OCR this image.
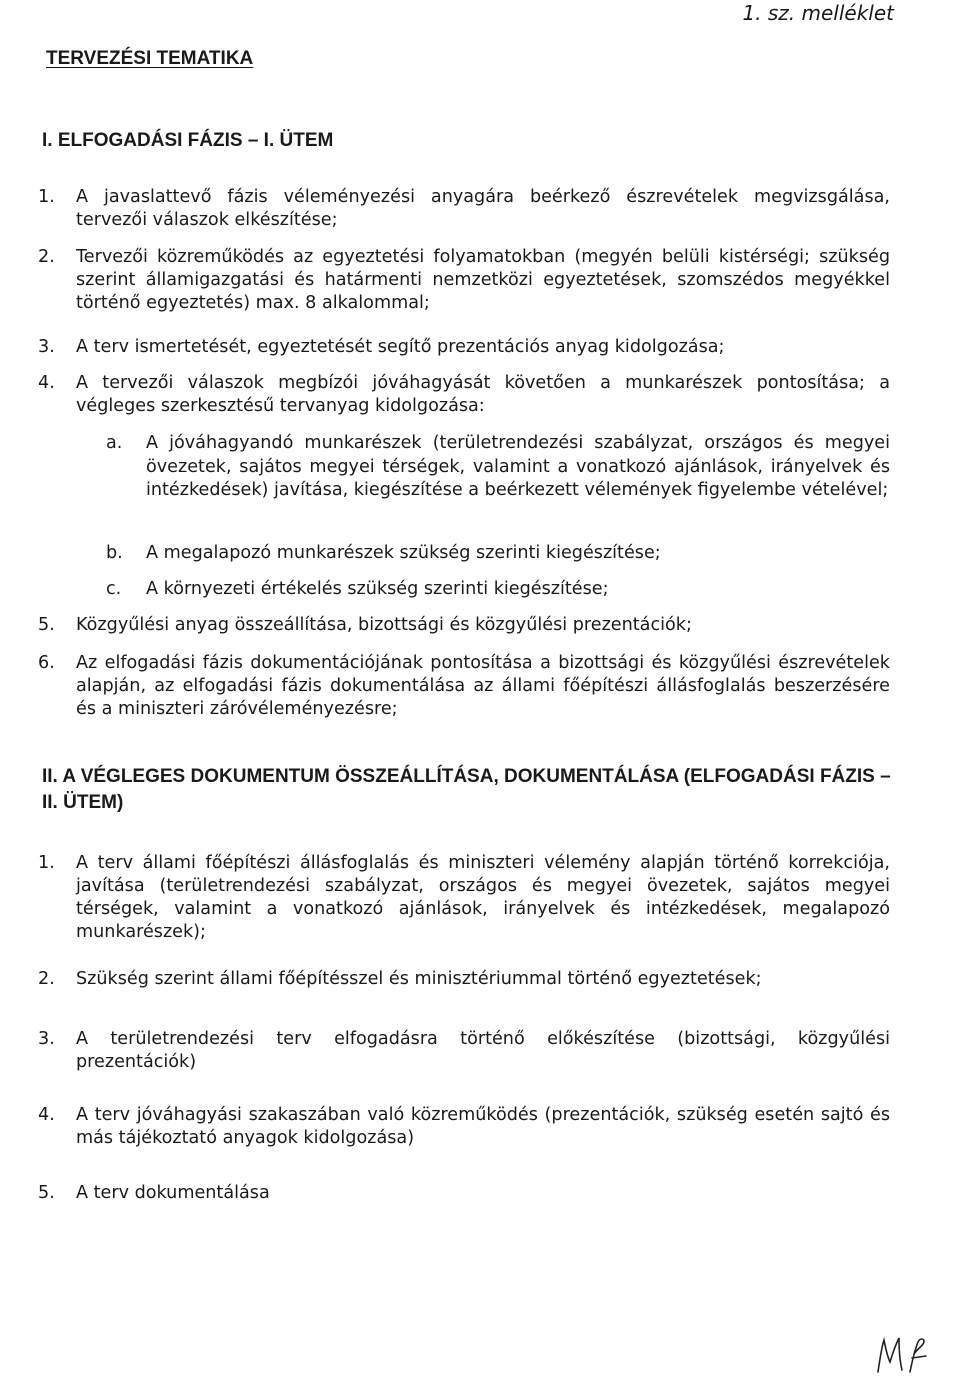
1. sz. melléklet
TERVEZÉSI TEMATIKA
I. ELFOGADÁSI FÁZIS – I. ÜTEM
1. A javaslattevő fázis véleményezési anyagára beérkező észrevételek megvizsgálása, tervezői válaszok elkészítése;
2. Tervezői közreműködés az egyeztetési folyamatokban (megyén belüli kistérségi; szükség szerint államigazgatási és határmenti nemzetközi egyeztetések, szomszédos megyékkel történő egyeztetés) max. 8 alkalommal;
3. A terv ismertetését, egyeztetését segítő prezentációs anyag kidolgozása;
4. A tervezői válaszok megbízói jóváhagyását követően a munkarészek pontosítása; a végleges szerkesztésű tervanyag kidolgozása:
a. A jóváhagyandó munkarészek (területrendezési szabályzat, országos és megyei övezetek, sajátos megyei térségek, valamint a vonatkozó ajánlások, irányelvek és intézkedések) javítása, kiegészítése a beérkezett vélemények figyelembe vételével;
b. A megalapozó munkarészek szükség szerinti kiegészítése;
c. A környezeti értékelés szükség szerinti kiegészítése;
5. Közgyűlési anyag összeállítása, bizottsági és közgyűlési prezentációk;
6. Az elfogadási fázis dokumentációjának pontosítása a bizottsági és közgyűlési észrevételek alapján, az elfogadási fázis dokumentálása az állami főépítészi állásfoglalás beszerzésére és a miniszteri záróvéleményezésre;
II. A VÉGLEGES DOKUMENTUM ÖSSZEÁLLÍTÁSA, DOKUMENTÁLÁSA (ELFOGADÁSI FÁZIS – II. ÜTEM)
1. A terv állami főépítészi állásfoglalás és miniszteri vélemény alapján történő korrekciója, javítása (területrendezési szabályzat, országos és megyei övezetek, sajátos megyei térségek, valamint a vonatkozó ajánlások, irányelvek és intézkedések, megalapozó munkarészek);
2. Szükség szerint állami főépítésszel és minisztériummal történő egyeztetések;
3. A területrendezési terv elfogadásra történő előkészítése (bizottsági, közgyűlési prezentációk)
4. A terv jóváhagyási szakaszában való közreműködés (prezentációk, szükség esetén sajtó és más tájékoztató anyagok kidolgozása)
5. A terv dokumentálása
